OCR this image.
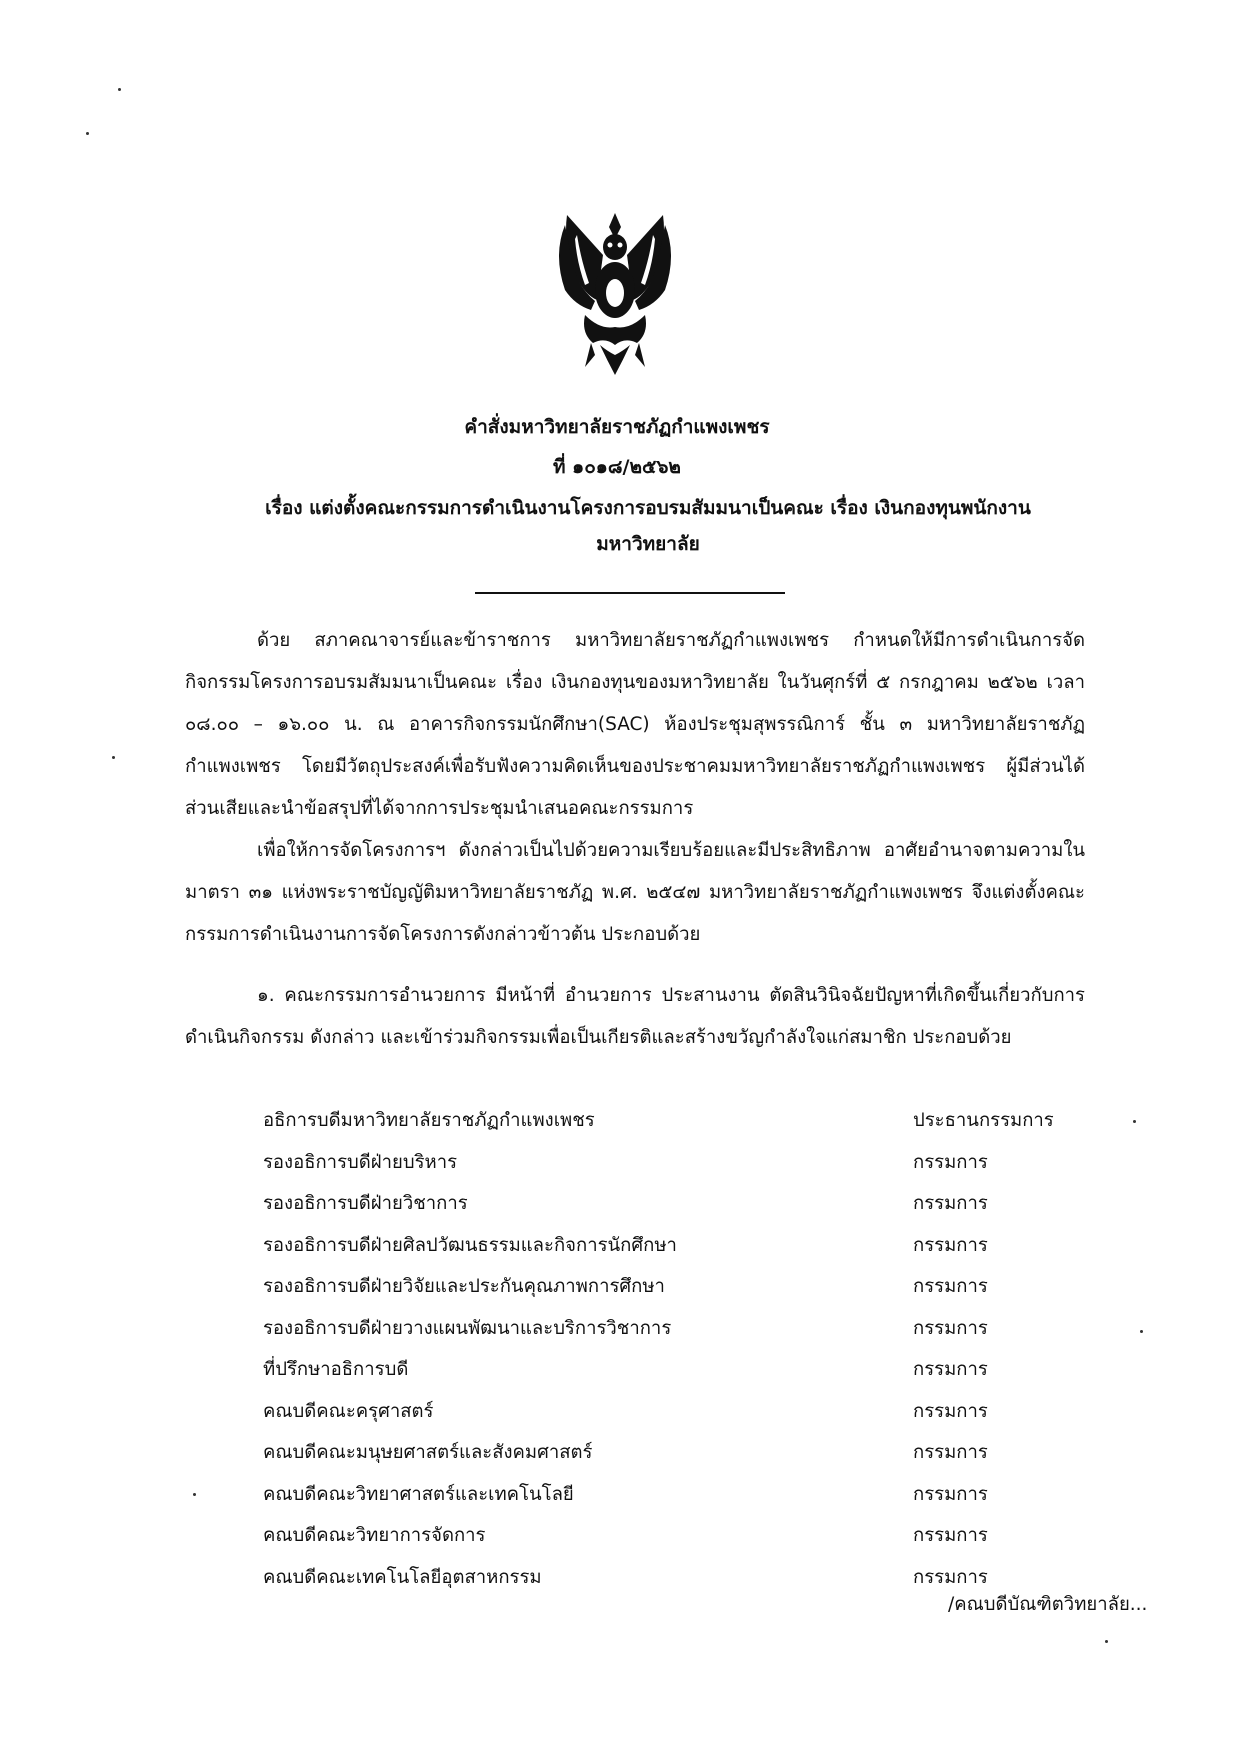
คำสั่งมหาวิทยาลัยราชภัฏกำแพงเพชร
ที่ ๑๐๑๘/๒๕๖๒
เรื่อง แต่งตั้งคณะกรรมการดำเนินงานโครงการอบรมสัมมนาเป็นคณะ เรื่อง เงินกองทุนพนักงาน
มหาวิทยาลัย
ด้วย สภาคณาจารย์และข้าราชการ มหาวิทยาลัยราชภัฏกำแพงเพชร กำหนดให้มีการดำเนินการจัดกิจกรรมโครงการอบรมสัมมนาเป็นคณะ เรื่อง เงินกองทุนของมหาวิทยาลัย ในวันศุกร์ที่ ๕ กรกฎาคม ๒๕๖๒ เวลา ๐๘.๐๐ – ๑๖.๐๐ น. ณ อาคารกิจกรรมนักศึกษา(SAC) ห้องประชุมสุพรรณิการ์ ชั้น ๓ มหาวิทยาลัยราชภัฏกำแพงเพชร โดยมีวัตถุประสงค์เพื่อรับฟังความคิดเห็นของประชาคมมหาวิทยาลัยราชภัฏกำแพงเพชร ผู้มีส่วนได้ส่วนเสียและนำข้อสรุปที่ได้จากการประชุมนำเสนอคณะกรรมการ
เพื่อให้การจัดโครงการฯ ดังกล่าวเป็นไปด้วยความเรียบร้อยและมีประสิทธิภาพ อาศัยอำนาจตามความในมาตรา ๓๑ แห่งพระราชบัญญัติมหาวิทยาลัยราชภัฏ พ.ศ. ๒๕๔๗ มหาวิทยาลัยราชภัฏกำแพงเพชร จึงแต่งตั้งคณะกรรมการดำเนินงานการจัดโครงการดังกล่าวข้าวต้น ประกอบด้วย
๑. คณะกรรมการอำนวยการ มีหน้าที่ อำนวยการ ประสานงาน ตัดสินวินิจฉัยปัญหาที่เกิดขึ้นเกี่ยวกับการดำเนินกิจกรรม ดังกล่าว และเข้าร่วมกิจกรรมเพื่อเป็นเกียรติและสร้างขวัญกำลังใจแก่สมาชิก ประกอบด้วย
อธิการบดีมหาวิทยาลัยราชภัฏกำแพงเพชร	ประธานกรรมการ
รองอธิการบดีฝ่ายบริหาร	กรรมการ
รองอธิการบดีฝ่ายวิชาการ	กรรมการ
รองอธิการบดีฝ่ายศิลปวัฒนธรรมและกิจการนักศึกษา	กรรมการ
รองอธิการบดีฝ่ายวิจัยและประกันคุณภาพการศึกษา	กรรมการ
รองอธิการบดีฝ่ายวางแผนพัฒนาและบริการวิชาการ	กรรมการ
ที่ปรึกษาอธิการบดี	กรรมการ
คณบดีคณะครุศาสตร์	กรรมการ
คณบดีคณะมนุษยศาสตร์และสังคมศาสตร์	กรรมการ
คณบดีคณะวิทยาศาสตร์และเทคโนโลยี	กรรมการ
คณบดีคณะวิทยาการจัดการ	กรรมการ
คณบดีคณะเทคโนโลยีอุตสาหกรรม	กรรมการ
/คณบดีบัณฑิตวิทยาลัย...
